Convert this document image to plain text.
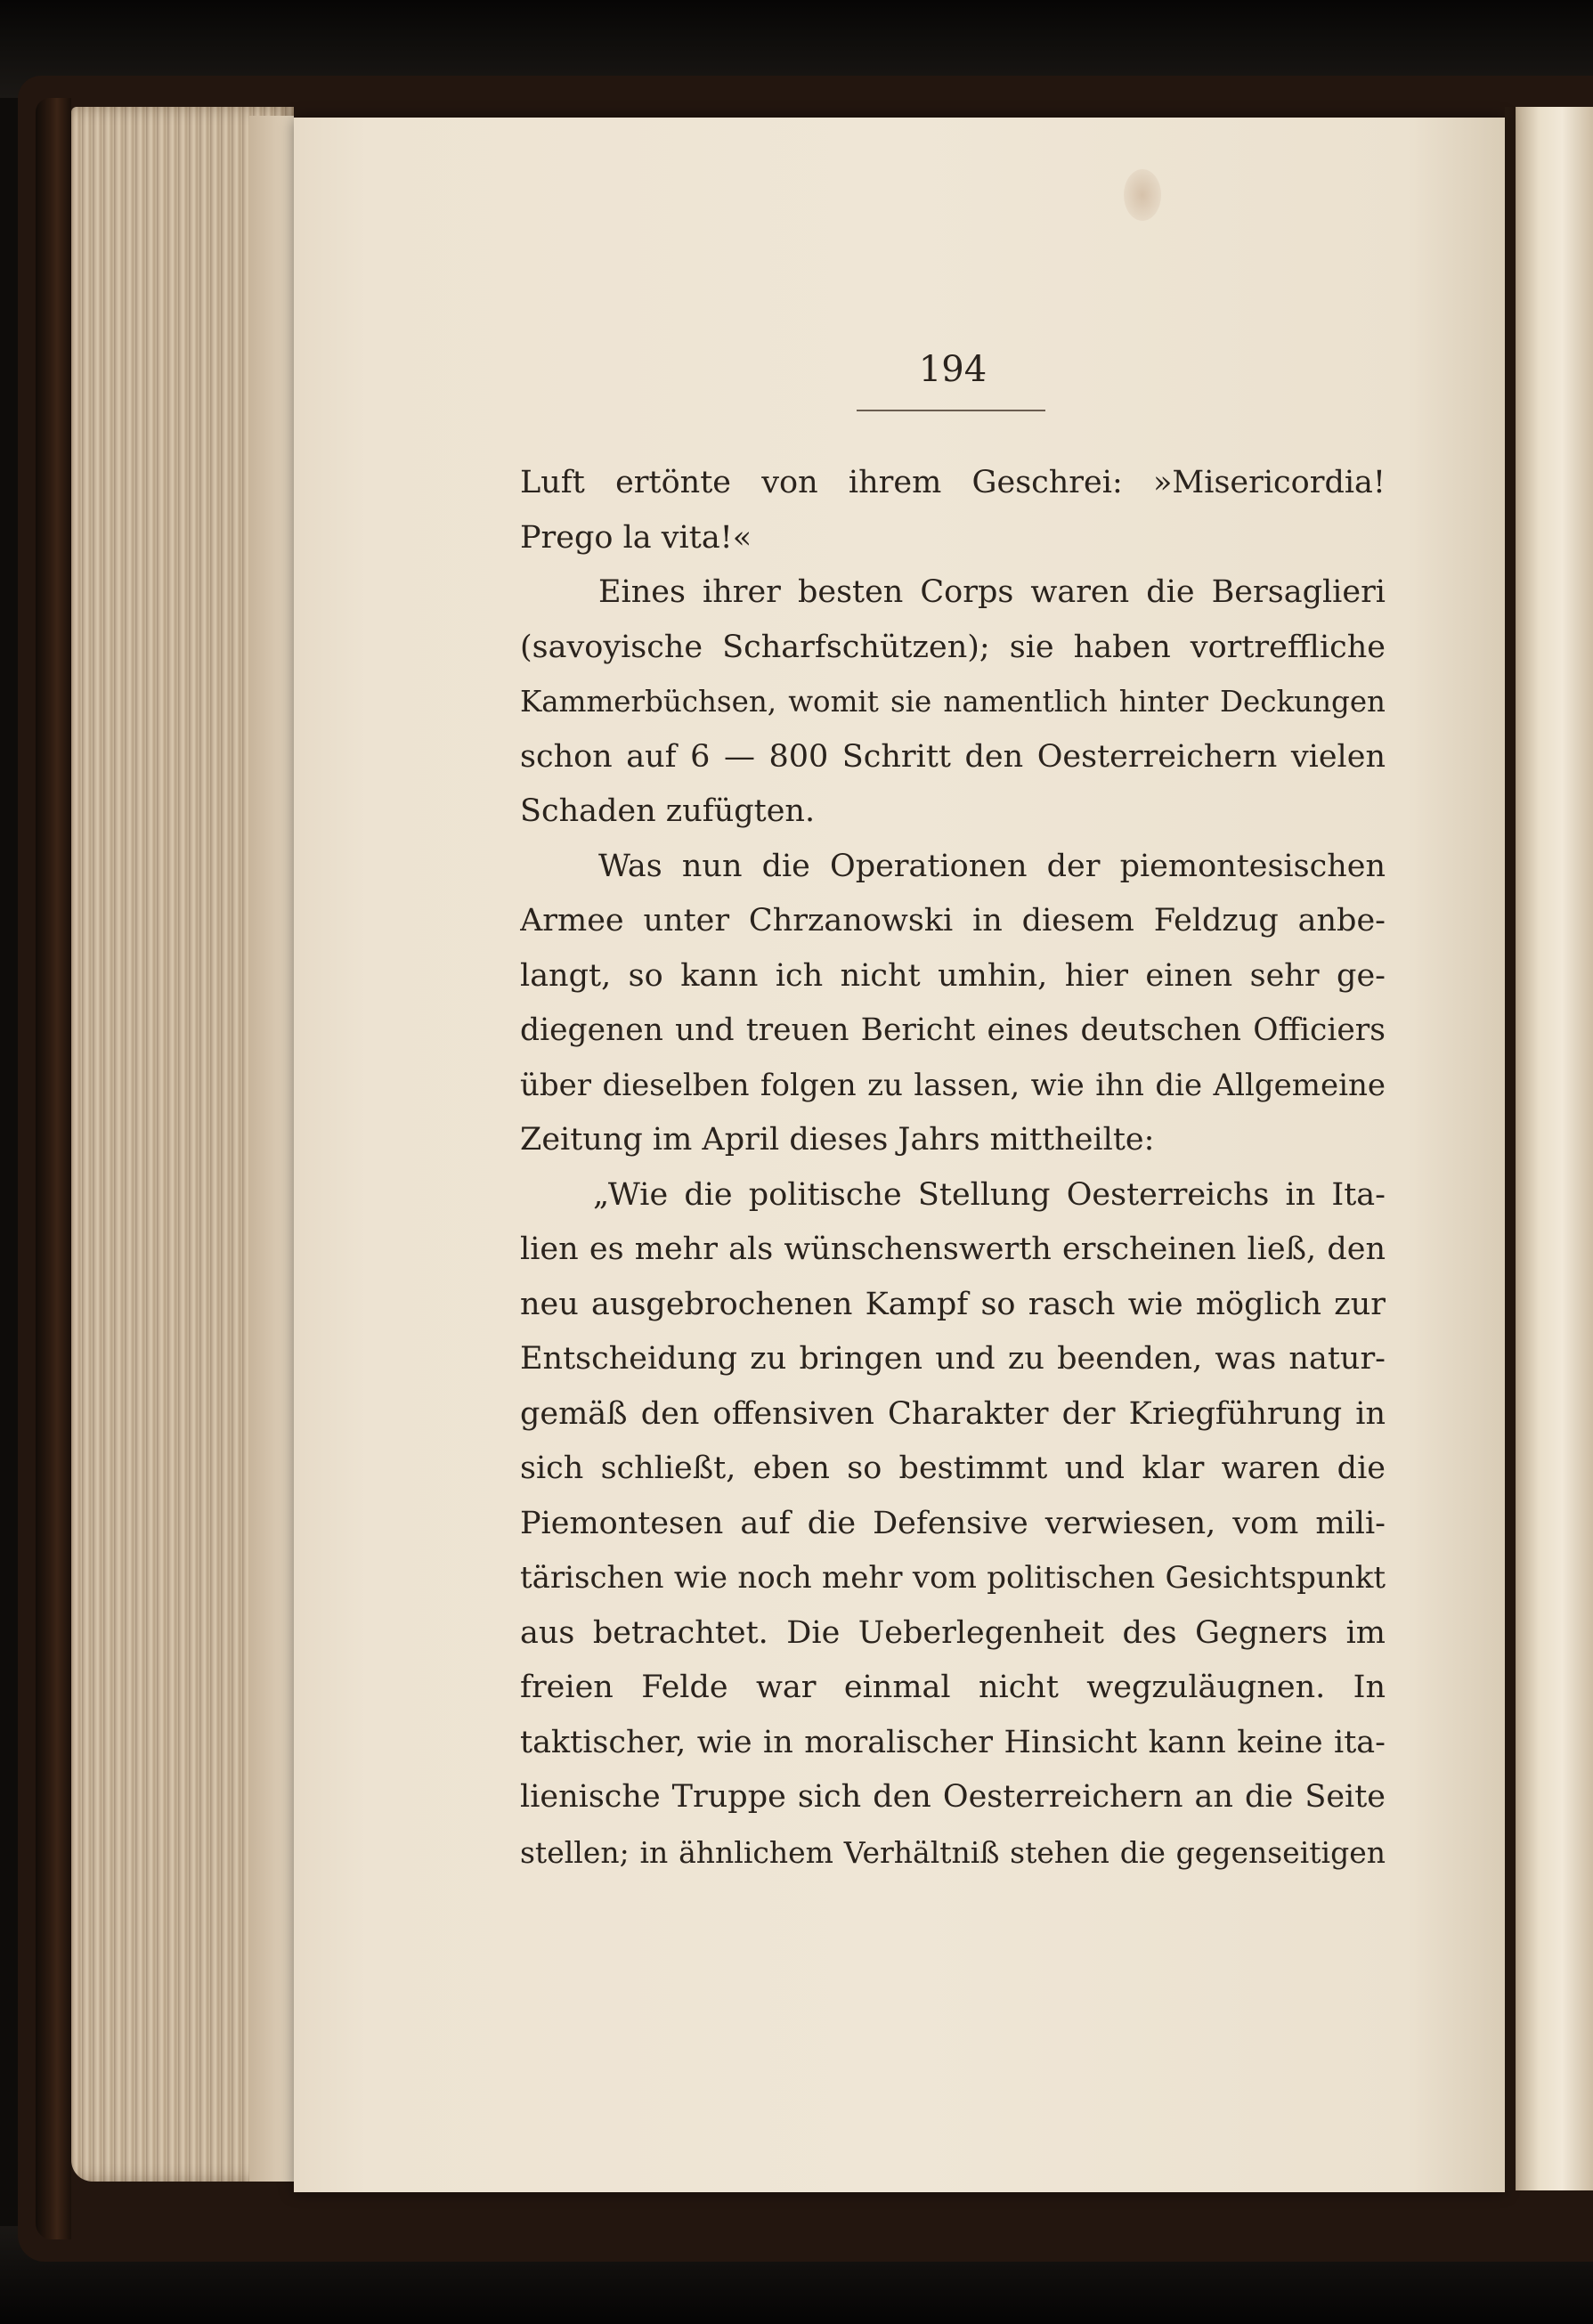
194
Luft ertönte von ihrem Geschrei: »Misericordia!
Prego la vita!«
Eines ihrer besten Corps waren die Bersaglieri
(savoyische Scharfschützen); sie haben vortreffliche
Kammerbüchsen, womit sie namentlich hinter Deckungen
schon auf 6 — 800 Schritt den Oesterreichern vielen
Schaden zufügten.
Was nun die Operationen der piemontesischen
Armee unter Chrzanowski in diesem Feldzug anbe-
langt, so kann ich nicht umhin, hier einen sehr ge-
diegenen und treuen Bericht eines deutschen Officiers
über dieselben folgen zu lassen, wie ihn die Allgemeine
Zeitung im April dieses Jahrs mittheilte:
„Wie die politische Stellung Oesterreichs in Ita-
lien es mehr als wünschenswerth erscheinen ließ, den
neu ausgebrochenen Kampf so rasch wie möglich zur
Entscheidung zu bringen und zu beenden, was natur-
gemäß den offensiven Charakter der Kriegführung in
sich schließt, eben so bestimmt und klar waren die
Piemontesen auf die Defensive verwiesen, vom mili-
tärischen wie noch mehr vom politischen Gesichtspunkt
aus betrachtet. Die Ueberlegenheit des Gegners im
freien Felde war einmal nicht wegzuläugnen. In
taktischer, wie in moralischer Hinsicht kann keine ita-
lienische Truppe sich den Oesterreichern an die Seite
stellen; in ähnlichem Verhältniß stehen die gegenseitigen
